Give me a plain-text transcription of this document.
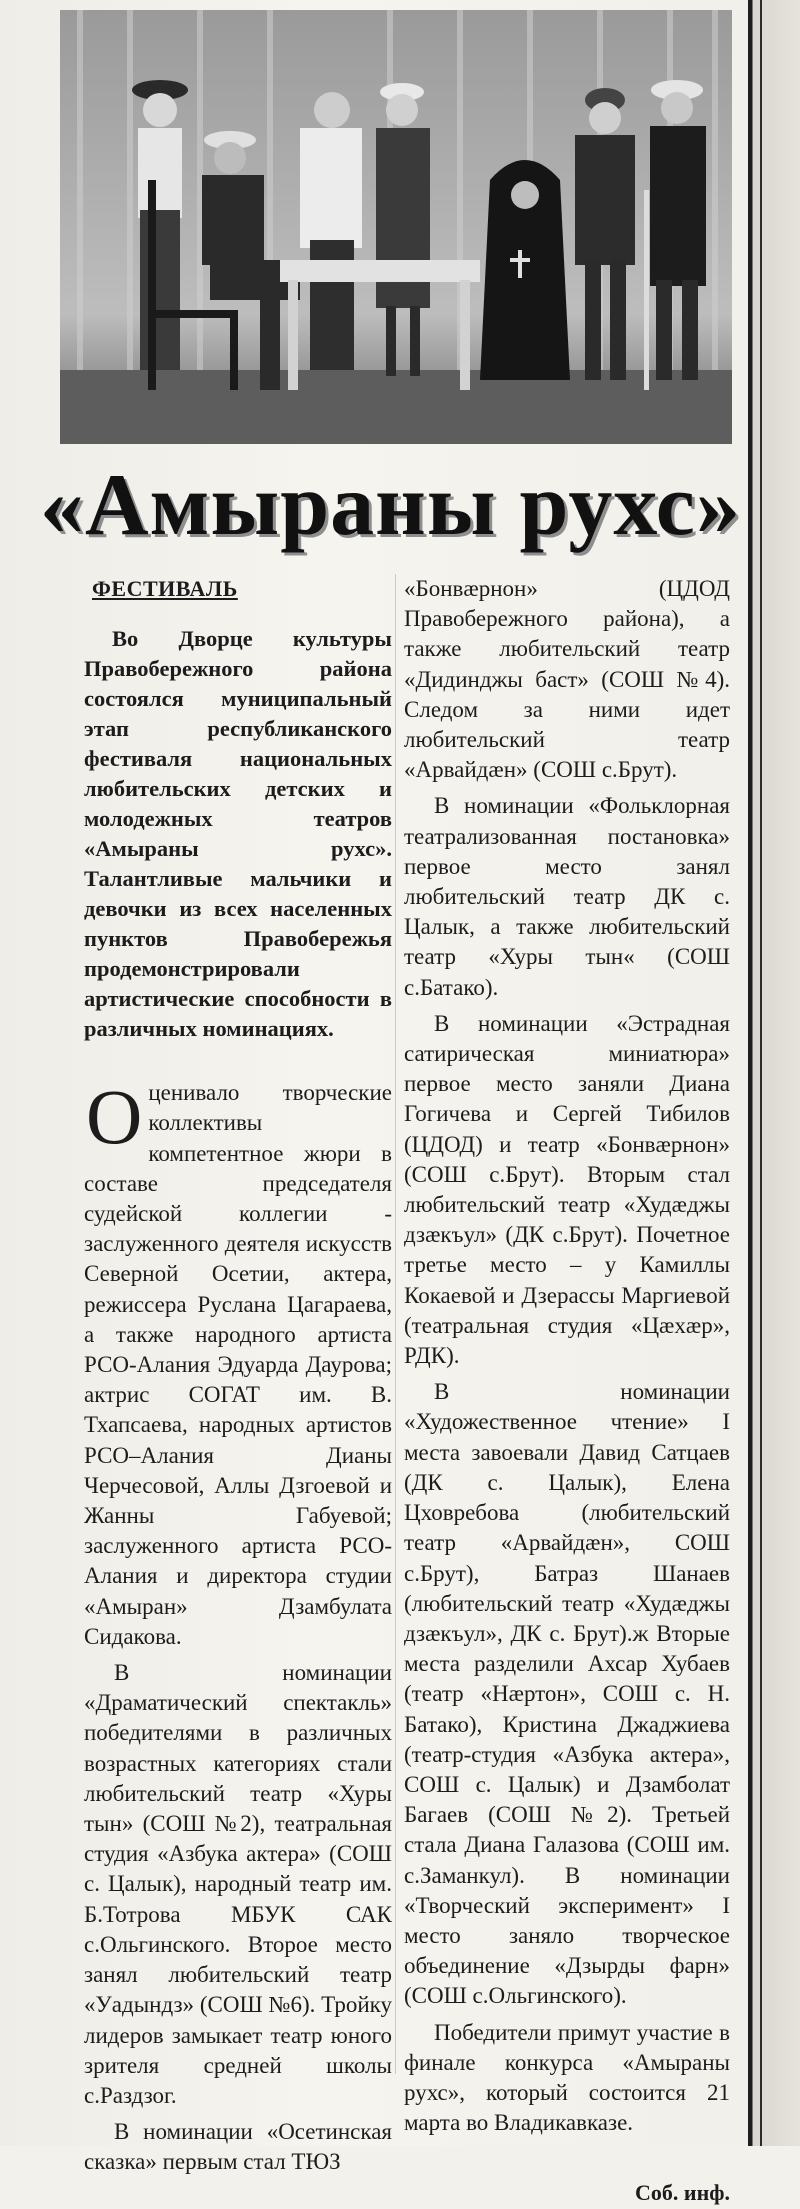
«Амыраны рухс»
ФЕСТИВАЛЬ
Во Дворце культуры Правобережного района состоялся муниципальный этап республиканского фестиваля национальных любительских детских и молодежных театров «Амыраны рухс». Талантливые мальчики и девочки из всех населенных пунктов Правобережья продемонстрировали артистические способности в различных номинациях.

Оценивало творческие коллективы компетентное жюри в составе председателя судейской коллегии - заслуженного деятеля искусств Северной Осетии, актера, режиссера Руслана Цагараева, а также народного артиста РСО-Алания Эдуарда Даурова; актрис СОГАТ им. В. Тхапсаева, народных артистов РСО–Алания Дианы Черчесовой, Аллы Дзгоевой и Жанны Габуевой; заслуженного артиста РСО-Алания и директора студии «Амыран» Дзамбулата Сидакова.

В номинации «Драматический спектакль» победителями в различных возрастных категориях стали любительский театр «Хуры тын» (СОШ №2), театральная студия «Азбука актера» (СОШ с. Цалык), народный театр им. Б.Тотрова МБУК САК с.Ольгинского. Второе место занял любительский театр «Уадындз» (СОШ №6). Тройку лидеров замыкает театр юного зрителя средней школы с.Раздзог.

В номинации «Осетинская сказка» первым стал ТЮЗ

«Бонвæрнон» (ЦДОД Правобережного района), а также любительский театр «Дидинджы баст» (СОШ №4). Следом за ними идет любительский театр «Арвайдæн» (СОШ с.Брут).

В номинации «Фольклорная театрализованная постановка» первое место занял любительский театр ДК с. Цалык, а также любительский театр «Хуры тын« (СОШ с.Батако).

В номинации «Эстрадная сатирическая миниатюра» первое место заняли Диана Гогичева и Сергей Тибилов (ЦДОД) и театр «Бонвæрнон» (СОШ с.Брут). Вторым стал любительский театр «Худæджы дзæкъул» (ДК с.Брут). Почетное третье место – у Камиллы Кокаевой и Дзерассы Маргиевой (театральная студия «Цæхæр», РДК).

В номинации «Художественное чтение» I места завоевали Давид Сатцаев (ДК с. Цалык), Елена Цховребова (любительский театр «Арвайдæн», СОШ с.Брут), Батраз Шанаев (любительский театр «Худæджы дзæкъул», ДК с. Брут).ж Вторые места разделили Ахсар Хубаев (театр «Нæртон», СОШ с. Н. Батако), Кристина Джаджиева (театр-студия «Азбука актера», СОШ с. Цалык) и Дзамболат Багаев (СОШ №2). Третьей стала Диана Галазова (СОШ им. с.Заманкул). В номинации «Творческий эксперимент» I место заняло творческое объединение «Дзырды фарн» (СОШ с.Ольгинского).

Победители примут участие в финале конкурса «Амыраны рухс», который состоится 21 марта во Владикавказе.

Соб. инф.
